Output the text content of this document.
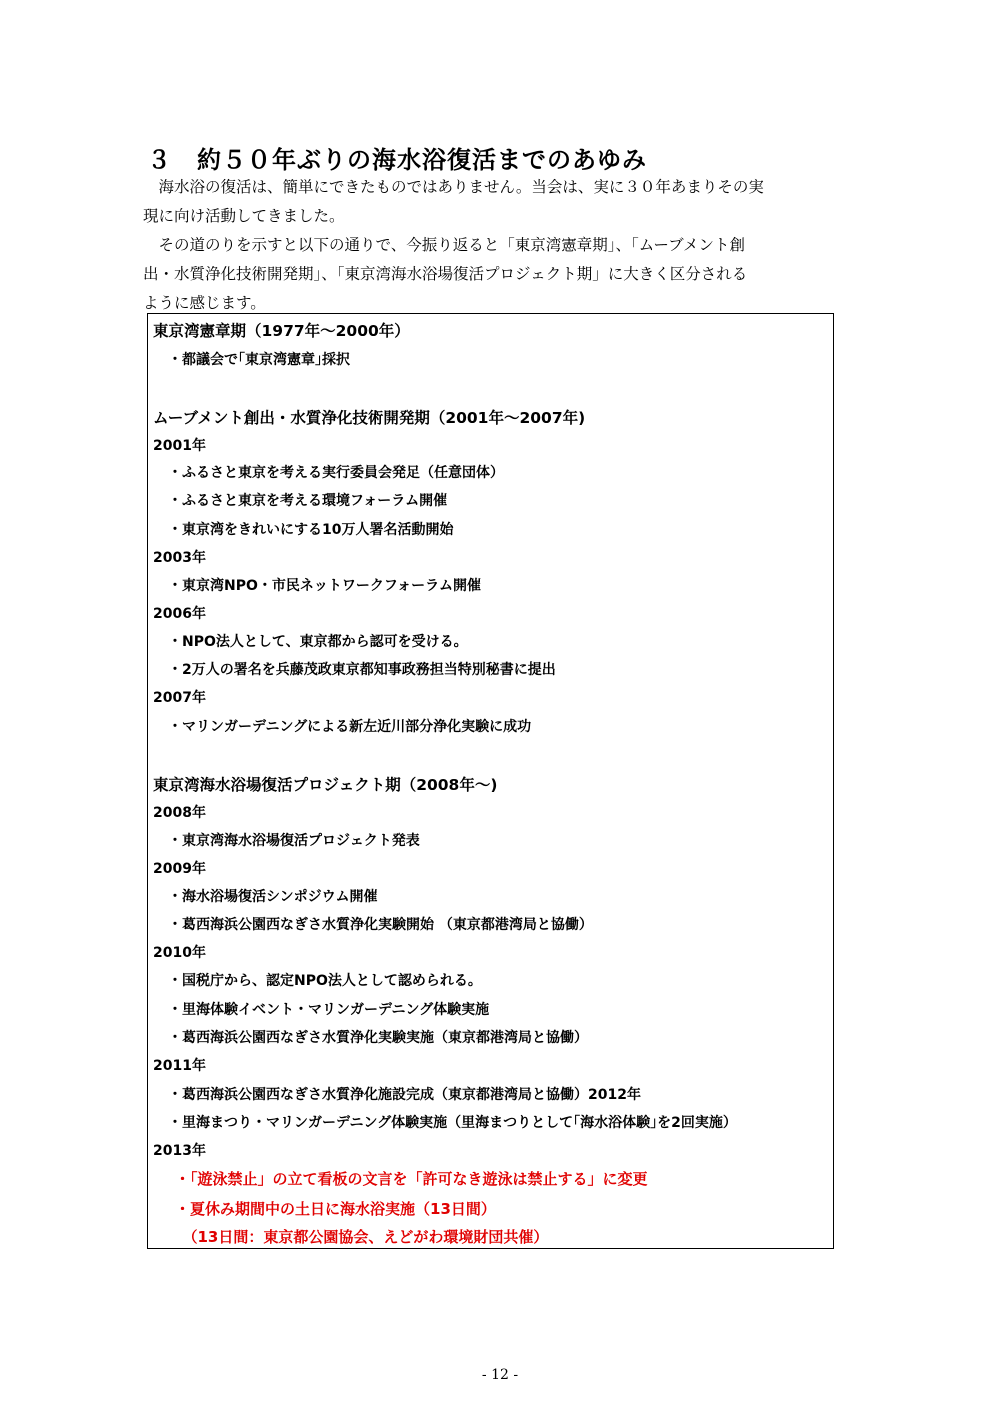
３　約５０年ぶりの海水浴復活までのあゆみ
　海水浴の復活は、簡単にできたものではありません。当会は、実に３０年あまりその実
現に向け活動してきました。
　その道のりを示すと以下の通りで、今振り返ると「東京湾憲章期」、「ムーブメント創
出・水質浄化技術開発期」、「東京湾海水浴場復活プロジェクト期」に大きく区分される
ように感じます。
東京湾憲章期（1977年～2000年）
・都議会で｢東京湾憲章｣採択
ムーブメント創出・水質浄化技術開発期（2001年～2007年)
2001年
・ふるさと東京を考える実行委員会発足（任意団体）
・ふるさと東京を考える環境フォーラム開催
・東京湾をきれいにする10万人署名活動開始
2003年
・東京湾NPO・市民ネットワークフォーラム開催
2006年
・NPO法人として、東京都から認可を受ける。
・2万人の署名を兵藤茂政東京都知事政務担当特別秘書に提出
2007年
・マリンガーデニングによる新左近川部分浄化実験に成功
東京湾海水浴場復活プロジェクト期（2008年～)
2008年
・東京湾海水浴場復活プロジェクト発表
2009年
・海水浴場復活シンポジウム開催
・葛西海浜公園西なぎさ水質浄化実験開始 （東京都港湾局と協働）
2010年
・国税庁から、認定NPO法人として認められる。
・里海体験イベント・マリンガーデニング体験実施
・葛西海浜公園西なぎさ水質浄化実験実施（東京都港湾局と協働）
2011年
・葛西海浜公園西なぎさ水質浄化施設完成（東京都港湾局と協働）2012年
・里海まつり・マリンガーデニング体験実施（里海まつりとして｢海水浴体験｣を2回実施）
2013年
・「遊泳禁止」の立て看板の文言を「許可なき遊泳は禁止する」に変更
・夏休み期間中の土日に海水浴実施（13日間）
　（13日間：東京都公園協会、えどがわ環境財団共催）
- 12 -
